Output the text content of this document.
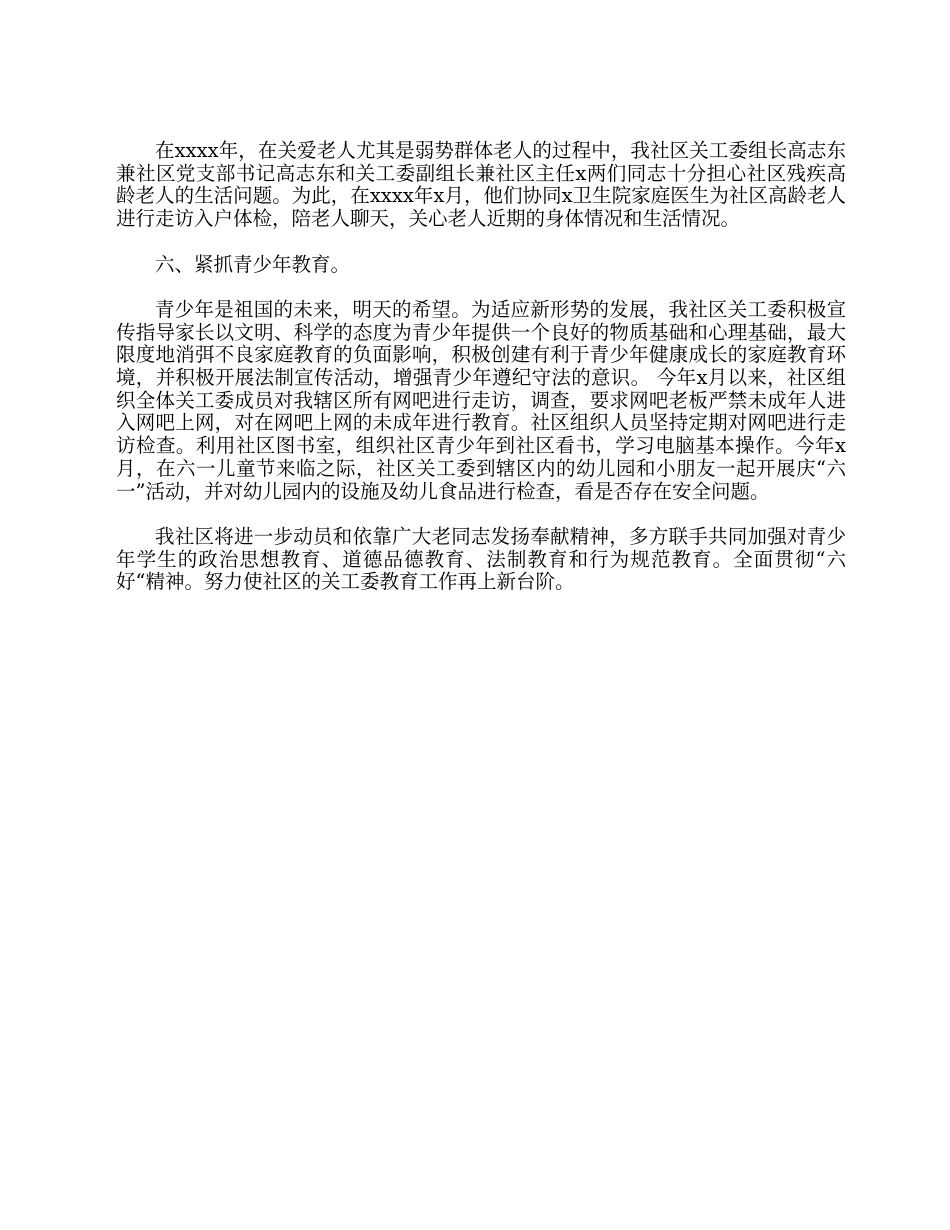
在xxxx年，在关爱老人尤其是弱势群体老人的过程中，我社区关工委组长高志东兼社区党支部书记高志东和关工委副组长兼社区主任x两们同志十分担心社区残疾高龄老人的生活问题。为此，在xxxx年x月，他们协同x卫生院家庭医生为社区高龄老人进行走访入户体检，陪老人聊天，关心老人近期的身体情况和生活情况。

六、紧抓青少年教育。

青少年是祖国的未来，明天的希望。为适应新形势的发展，我社区关工委积极宣传指导家长以文明、科学的态度为青少年提供一个良好的物质基础和心理基础，最大限度地消弭不良家庭教育的负面影响，积极创建有利于青少年健康成长的家庭教育环境，并积极开展法制宣传活动，增强青少年遵纪守法的意识。 今年x月以来，社区组织全体关工委成员对我辖区所有网吧进行走访，调查，要求网吧老板严禁未成年人进入网吧上网，对在网吧上网的未成年进行教育。社区组织人员坚持定期对网吧进行走访检查。利用社区图书室，组织社区青少年到社区看书，学习电脑基本操作。今年x月，在六一儿童节来临之际，社区关工委到辖区内的幼儿园和小朋友一起开展庆“六一”活动，并对幼儿园内的设施及幼儿食品进行检查，看是否存在安全问题。

我社区将进一步动员和依靠广大老同志发扬奉献精神，多方联手共同加强对青少年学生的政治思想教育、道德品德教育、法制教育和行为规范教育。全面贯彻“六好“精神。努力使社区的关工委教育工作再上新台阶。
